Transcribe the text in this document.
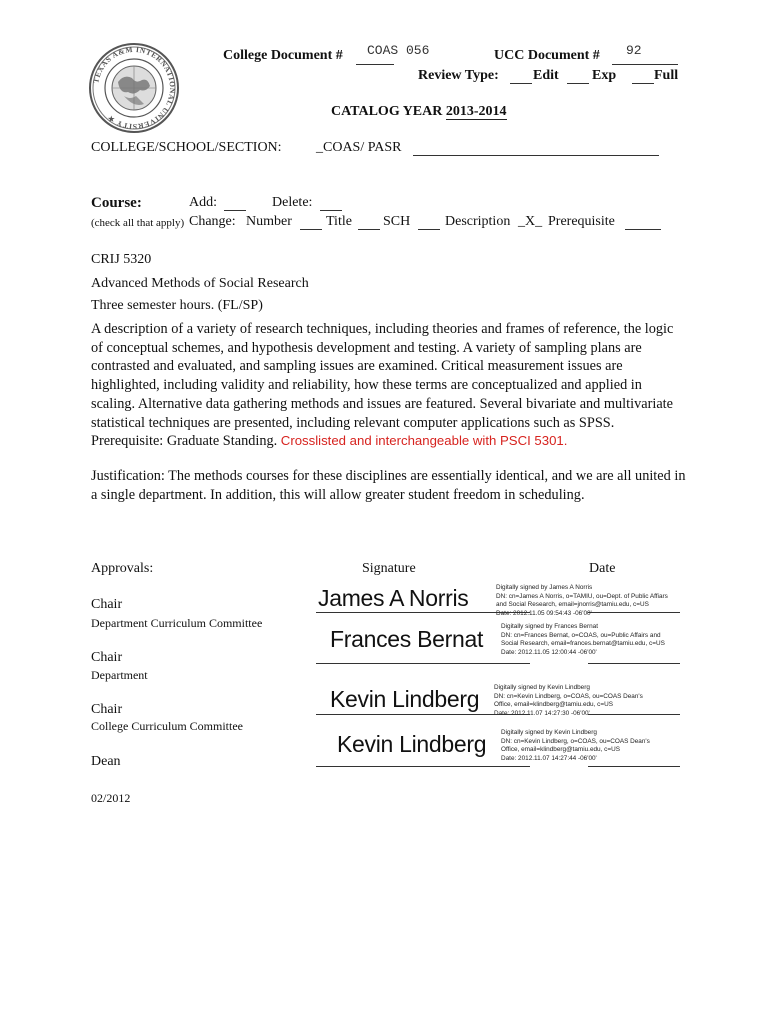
TEXAS A&M INTERNATIONAL UNIVERSITY ★
College Document # COAS 056	UCC Document # 92
Review Type: Edit Exp	Full
CATALOG YEAR 2013-2014
COLLEGE/SCHOOL/SECTION: _COAS/ PASR
Course:	Add:	Delete:
(check all that apply) Change: Number Title SCH Description _X_ Prerequisite
CRIJ 5320
Advanced Methods of Social Research
Three semester hours. (FL/SP)
A description of a variety of research techniques, including theories and frames of reference, the logic of conceptual schemes, and hypothesis development and testing. A variety of sampling plans are contrasted and evaluated, and sampling issues are examined. Critical measurement issues are highlighted, including validity and reliability, how these terms are conceptualized and applied in scaling. Alternative data gathering methods and issues are featured. Several bivariate and multivariate statistical techniques are presented, including relevant computer applications such as SPSS. Prerequisite: Graduate Standing. Crosslisted and interchangeable with PSCI 5301.
Justification: The methods courses for these disciplines are essentially identical, and we are all united in a single department. In addition, this will allow greater student freedom in scheduling.
Approvals:	Signature	Date
Chair
Department Curriculum Committee
James A Norris	Digitally signed by James A Norris
DN: cn=James A Norris, o=TAMIU, ou=Dept. of Public Affiars
and Social Research, email=jnorris@tamiu.edu, c=US
Date: 2012.11.05 09:54:43 -06'00'
Chair
Department
Frances Bernat	Digitally signed by Frances Bernat
DN: cn=Frances Bernat, o=COAS, ou=Public Affairs and
Social Research, email=frances.bernat@tamiu.edu, c=US
Date: 2012.11.05 12:00:44 -06'00'
Chair
College Curriculum Committee
Kevin Lindberg Digitally signed by Kevin Lindberg
DN: cn=Kevin Lindberg, o=COAS, ou=COAS Dean's
Office, email=klindberg@tamiu.edu, c=US
Date: 2012.11.07 14:27:30 -06'00'
Dean
Kevin Lindberg Digitally signed by Kevin Lindberg
DN: cn=Kevin Lindberg, o=COAS, ou=COAS Dean's
Office, email=klindberg@tamiu.edu, c=US
Date: 2012.11.07 14:27:44 -06'00'
02/2012
